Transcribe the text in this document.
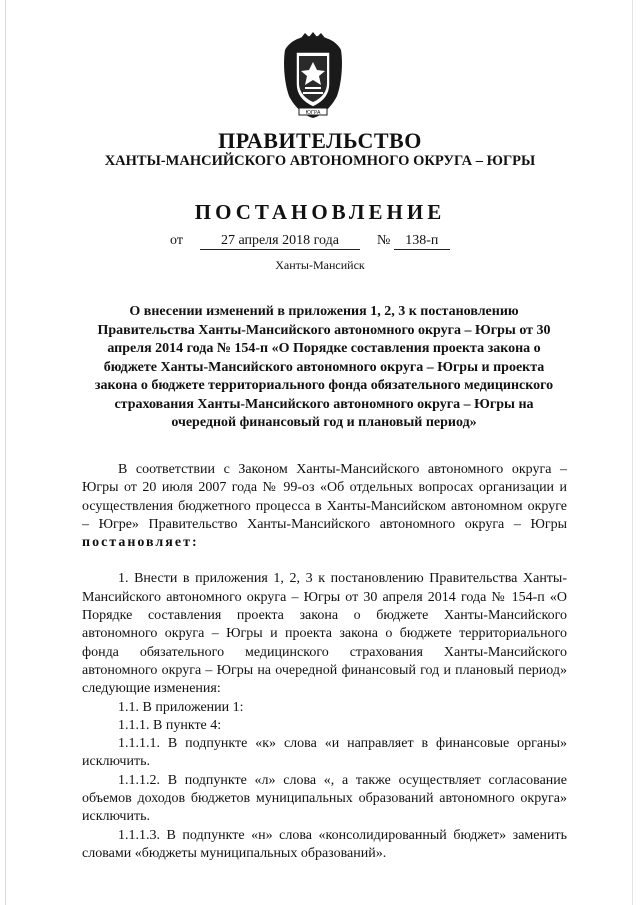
ЮГРА
ПРАВИТЕЛЬСТВО
ХАНТЫ-МАНСИЙСКОГО АВТОНОМНОГО ОКРУГА – ЮГРЫ
ПОСТАНОВЛЕНИЕ
от	27 апреля 2018 года	№ 138-п
Ханты-Мансийск
О внесении изменений в приложения 1, 2, 3 к постановлению Правительства Ханты-Мансийского автономного округа – Югры от 30 апреля 2014 года № 154-п «О Порядке составления проекта закона о бюджете Ханты-Мансийского автономного округа – Югры и проекта закона о бюджете территориального фонда обязательного медицинского страхования Ханты-Мансийского автономного округа – Югры на очередной финансовый год и плановый период»

В соответствии с Законом Ханты-Мансийского автономного округа – Югры от 20 июля 2007 года № 99-оз «Об отдельных вопросах организации и осуществления бюджетного процесса в Ханты-Мансийском автономном округе – Югре» Правительство Ханты-Мансийского автономного округа – Югры постановляет:

1. Внести в приложения 1, 2, 3 к постановлению Правительства Ханты-Мансийского автономного округа – Югры от 30 апреля 2014 года № 154-п «О Порядке составления проекта закона о бюджете Ханты-Мансийского автономного округа – Югры и проекта закона о бюджете территориального фонда обязательного медицинского страхования Ханты-Мансийского автономного округа – Югры на очередной финансовый год и плановый период» следующие изменения:

1.1. В приложении 1:

1.1.1. В пункте 4:

1.1.1.1. В подпункте «к» слова «и направляет в финансовые органы» исключить.

1.1.1.2. В подпункте «л» слова «, а также осуществляет согласование объемов доходов бюджетов муниципальных образований автономного округа» исключить.

1.1.1.3. В подпункте «н» слова «консолидированный бюджет» заменить словами «бюджеты муниципальных образований».
